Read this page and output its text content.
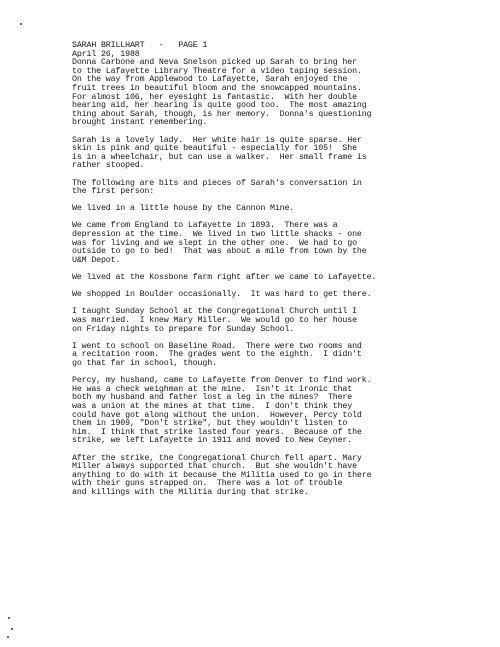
SARAH BRILLHART   -   PAGE 1
April 26, 1988
Donna Carbone and Neva Snelson picked up Sarah to bring her
to the Lafayette Library Theatre for a video taping session.
On the way from Applewood to Lafayette, Sarah enjoyed the
fruit trees in beautiful bloom and the snowcapped mountains.
For almost 106, her eyesight is fantastic.  With her double
hearing aid, her hearing is quite good too.  The most amazing
thing about Sarah, though, is her memory.  Donna's questioning
brought instant remembering.
Sarah is a lovely lady.  Her white hair is quite sparse. Her
skin is pink and quite beautiful - especially for 105!  She
is in a wheelchair, but can use a walker.  Her small frame is
rather stooped.
The following are bits and pieces of Sarah's conversation in
the first person:
We lived in a little house by the Cannon Mine.
We came from England to Lafayette in 1893.  There was a
depression at the time.  We lived in two little shacks - one
was for living and we slept in the other one.  We had to go
outside to go to bed!  That was about a mile from town by the
U&M Depot.
We lived at the Kossbone farm right after we came to Lafayette.
We shopped in Boulder occasionally.  It was hard to get there.
I taught Sunday School at the Congregational Church until I
was married.  I knew Mary Miller.  We would go to her house
on Friday nights to prepare for Sunday School.
I went to school on Baseline Road.  There were two rooms and
a recitation room.  The grades went to the eighth.  I didn't
go that far in school, though.
Percy, my husband, came to Lafayette from Denver to find work.
He was a check weighman at the mine.  Isn't it ironic that
both my husband and father lost a leg in the mines?  There
was a union at the mines at that time.  I don't think they
could have got along without the union.  However, Percy told
them in 1909, "Don't strike", but they wouldn't listen to
him.  I think that strike lasted four years.  Because of the
strike, we left Lafayette in 1911 and moved to New Ceyner.
After the strike, the Congregational Church fell apart. Mary
Miller always supported that church.  But she wouldn't have
anything to do with it because the Militia used to go in there
with their guns strapped on.  There was a lot of trouble
and killings with the Militia during that strike.
